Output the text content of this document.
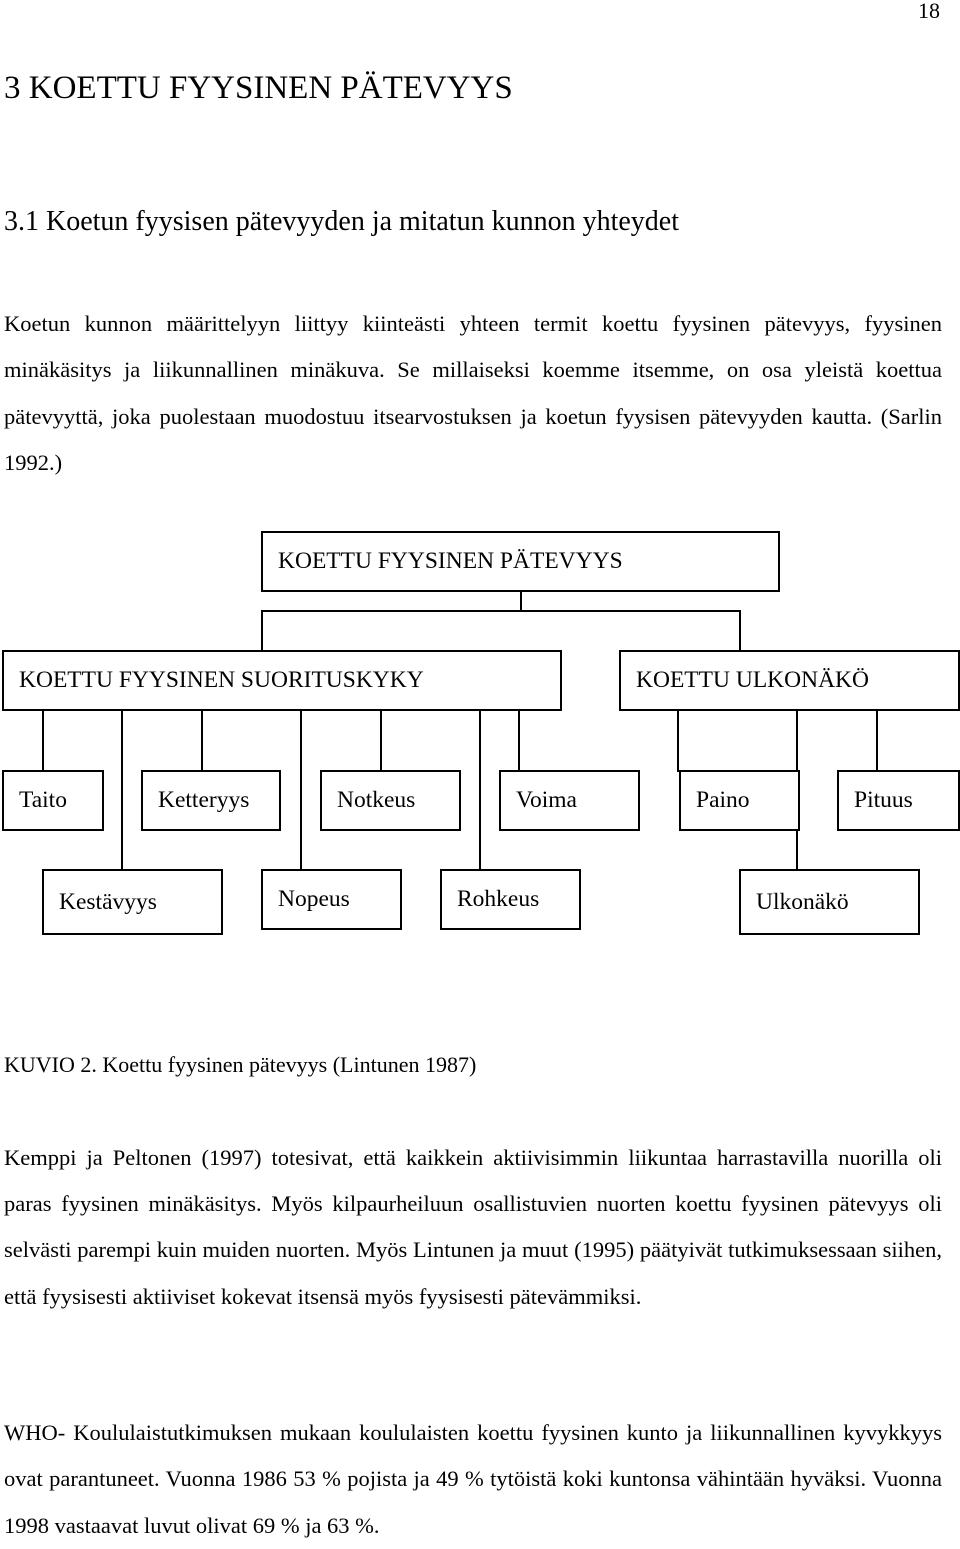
18
3 KOETTU FYYSINEN PÄTEVYYS
3.1 Koetun fyysisen pätevyyden ja mitatun kunnon yhteydet

Koetun kunnon määrittelyyn liittyy kiinteästi yhteen termit koettu fyysinen pätevyys, fyysinen minäkäsitys ja liikunnallinen minäkuva. Se millaiseksi koemme itsemme, on osa yleistä koettua pätevyyttä, joka puolestaan muodostuu itsearvostuksen ja koetun fyysisen pätevyyden kautta. (Sarlin 1992.)

KOETTU FYYSINEN PÄTEVYYS
KOETTU FYYSINEN SUORITUSKYKY	KOETTU ULKONÄKÖ
Taito	Ketteryys	Notkeus	Voima	Paino	Pituus
Kestävyys	Nopeus	Rohkeus	Ulkonäkö
KUVIO 2. Koettu fyysinen pätevyys (Lintunen 1987)

Kemppi ja Peltonen (1997) totesivat, että kaikkein aktiivisimmin liikuntaa harrastavilla nuorilla oli paras fyysinen minäkäsitys. Myös kilpaurheiluun osallistuvien nuorten koettu fyysinen pätevyys oli selvästi parempi kuin muiden nuorten. Myös Lintunen ja muut (1995) päätyivät tutkimuksessaan siihen, että fyysisesti aktiiviset kokevat itsensä myös fyysisesti pätevämmiksi.

WHO- Koululaistutkimuksen mukaan koululaisten koettu fyysinen kunto ja liikunnallinen kyvykkyys ovat parantuneet. Vuonna 1986 53 % pojista ja 49 % tytöistä koki kuntonsa vähintään hyväksi. Vuonna 1998 vastaavat luvut olivat 69 % ja 63 %.
